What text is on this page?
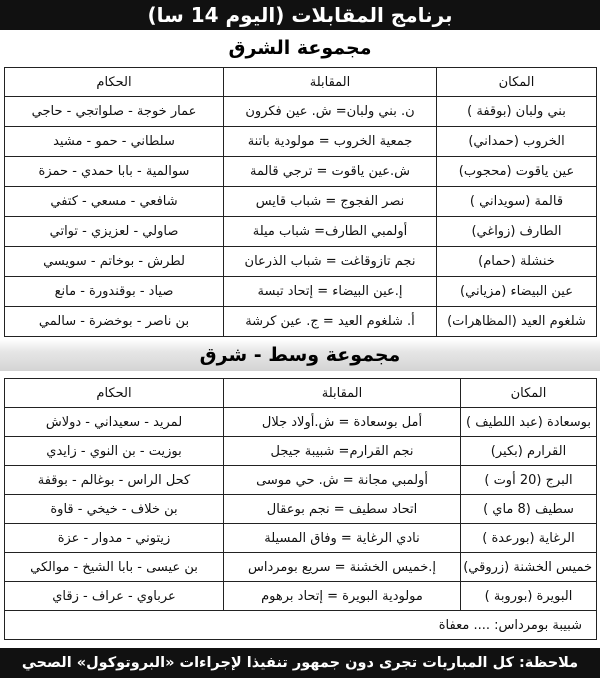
برنامج المقابلات (اليوم 14 سا)
مجموعة الشرق
المكان	المقابلة	الحكام
بني ولبان (بوقفة )	ن. بني ولبان= ش. عين فكرون	عمار خوجة - صلواتجي - حاجي
الخروب (حمداني)	جمعية الخروب = مولودية باتنة	سلطاني - حمو - مشيد
عين ياقوت (محجوب)	ش.عين ياقوت = ترجي قالمة	سوالمية - بابا حمدي - حمزة
قالمة (سويداني )	نصر الفجوج = شباب قايس	شافعي - مسعي - كتفي
الطارف (زواغي)	أولمبي الطارف= شباب ميلة	صاولي - لعزيزي - تواتي
خنشلة (حمام)	نجم تازوقاغت = شباب الذرعان	لطرش - بوخاتم - سويسي
عين البيضاء (مزياني)	إ.عين البيضاء = إتحاد تبسة	صياد - بوقندورة - مانع
شلغوم العيد (المظاهرات)	أ. شلغوم العيد = ج. عين كرشة	بن ناصر - بوخضرة - سالمي
مجموعة وسط - شرق
المكان	المقابلة	الحكام
بوسعادة (عبد اللطيف )	أمل بوسعادة = ش.أولاد جلال	لمريد - سعيداني - دولاش
القرارم (بكير)	نجم القرارم= شبيبة جيجل	بوزيت - بن النوي - زايدي
البرج (20 أوت )	أولمبي مجانة = ش. حي موسى	كحل الراس - بوغالم - بوقفة
سطيف (8 ماي )	اتحاد سطيف = نجم بوعقال	بن خلاف - خيخي - قاوة
الرغاية (بورعدة )	نادي الرغاية = وفاق المسيلة	زيتوني - مدوار - عزة
خميس الخشنة (زروقي)	إ.خميس الخشنة = سريع بومرداس	بن عيسى - بابا الشيخ - موالكي
البويرة (بوروبة )	مولودية البويرة = إتحاد برهوم	عرباوي - عراف - زقاي
شبيبة بومرداس: .... معفاة		
ملاحظة: كل المباريات تجرى دون جمهور تنفيذا لإجراءات «البروتوكول» الصحي
